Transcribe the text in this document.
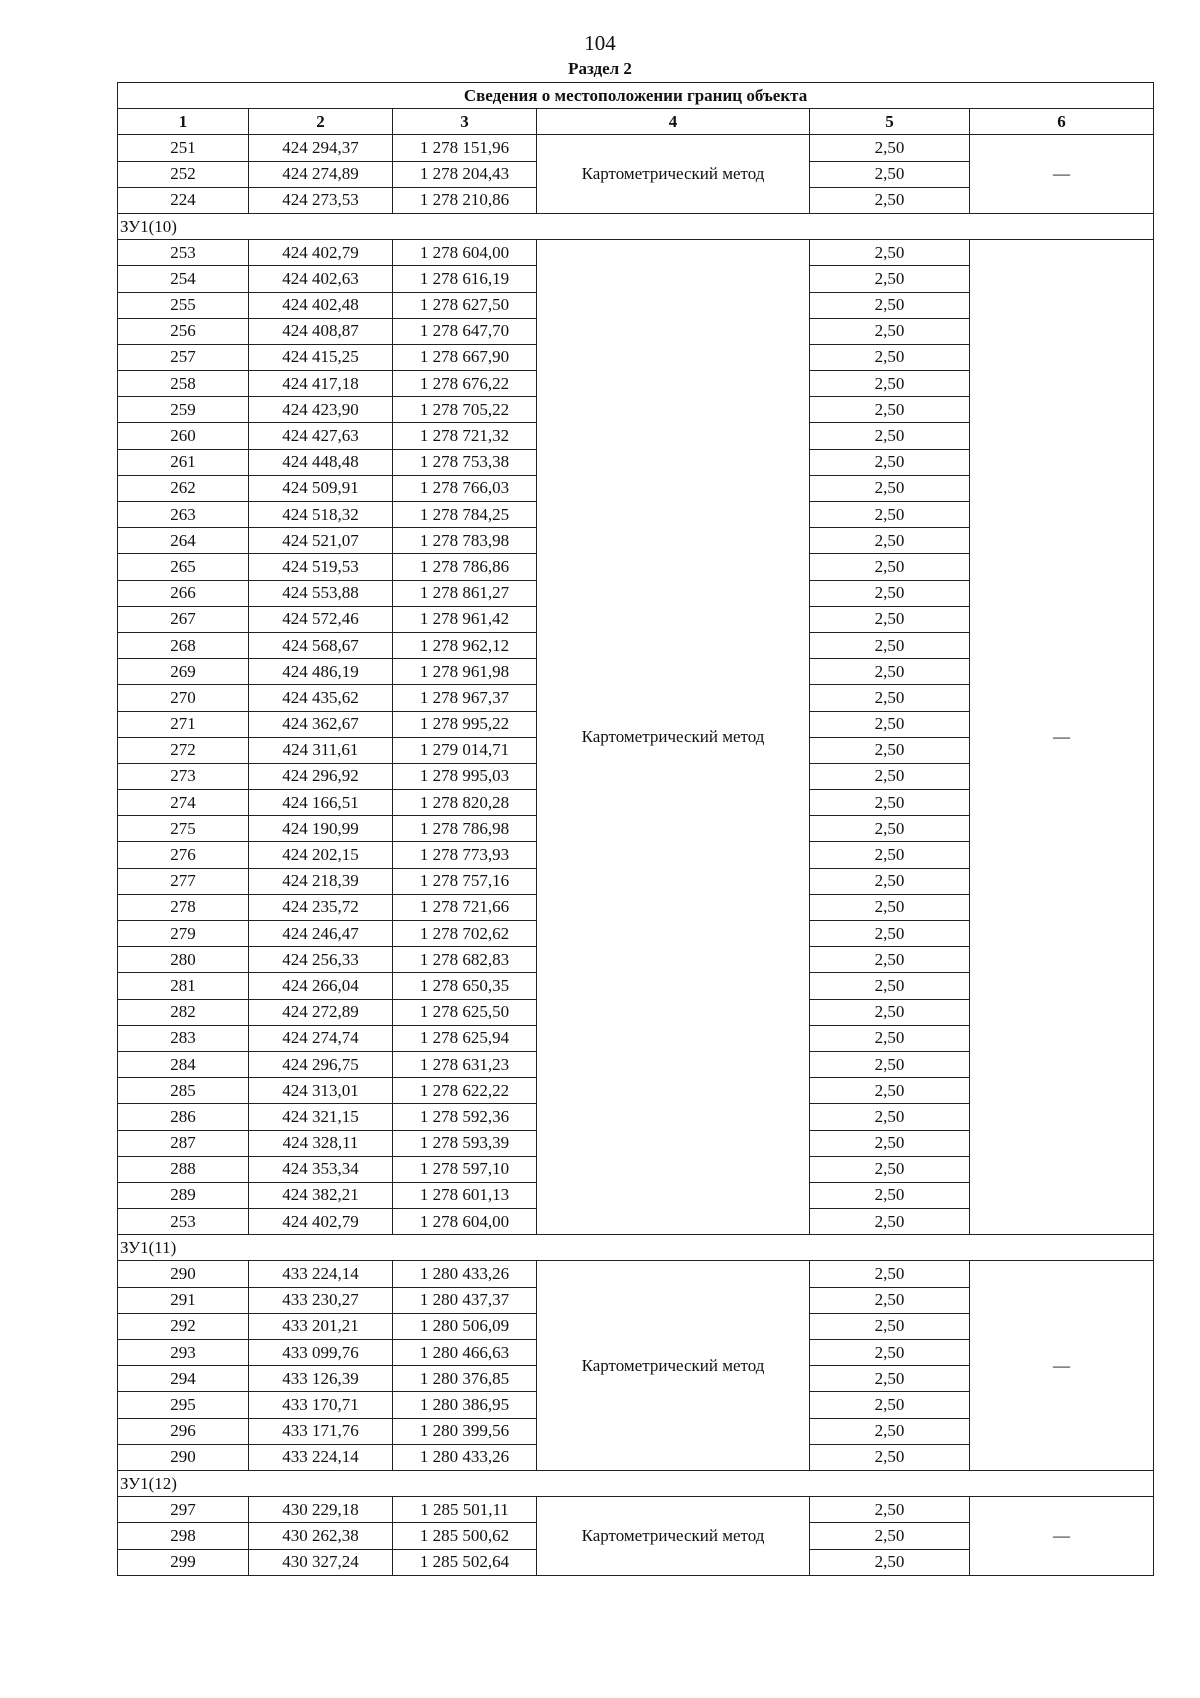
104
Раздел 2
Сведения о местоположении границ объекта					
1	2	3	4	5	6
251	424 294,37	1 278 151,96	Картометрический метод	2,50	—
252	424 274,89	1 278 204,43		2,50	
224	424 273,53	1 278 210,86		2,50	
ЗУ1(10)					
253	424 402,79	1 278 604,00	Картометрический метод	2,50	—
254	424 402,63	1 278 616,19		2,50	
255	424 402,48	1 278 627,50		2,50	
256	424 408,87	1 278 647,70		2,50	
257	424 415,25	1 278 667,90		2,50	
258	424 417,18	1 278 676,22		2,50	
259	424 423,90	1 278 705,22		2,50	
260	424 427,63	1 278 721,32		2,50	
261	424 448,48	1 278 753,38		2,50	
262	424 509,91	1 278 766,03		2,50	
263	424 518,32	1 278 784,25		2,50	
264	424 521,07	1 278 783,98		2,50	
265	424 519,53	1 278 786,86		2,50	
266	424 553,88	1 278 861,27		2,50	
267	424 572,46	1 278 961,42		2,50	
268	424 568,67	1 278 962,12		2,50	
269	424 486,19	1 278 961,98		2,50	
270	424 435,62	1 278 967,37		2,50	
271	424 362,67	1 278 995,22		2,50	
272	424 311,61	1 279 014,71		2,50	
273	424 296,92	1 278 995,03		2,50	
274	424 166,51	1 278 820,28		2,50	
275	424 190,99	1 278 786,98		2,50	
276	424 202,15	1 278 773,93		2,50	
277	424 218,39	1 278 757,16		2,50	
278	424 235,72	1 278 721,66		2,50	
279	424 246,47	1 278 702,62		2,50	
280	424 256,33	1 278 682,83		2,50	
281	424 266,04	1 278 650,35		2,50	
282	424 272,89	1 278 625,50		2,50	
283	424 274,74	1 278 625,94		2,50	
284	424 296,75	1 278 631,23		2,50	
285	424 313,01	1 278 622,22		2,50	
286	424 321,15	1 278 592,36		2,50	
287	424 328,11	1 278 593,39		2,50	
288	424 353,34	1 278 597,10		2,50	
289	424 382,21	1 278 601,13		2,50	
253	424 402,79	1 278 604,00		2,50	
ЗУ1(11)					
290	433 224,14	1 280 433,26	Картометрический метод	2,50	—
291	433 230,27	1 280 437,37		2,50	
292	433 201,21	1 280 506,09		2,50	
293	433 099,76	1 280 466,63		2,50	
294	433 126,39	1 280 376,85		2,50	
295	433 170,71	1 280 386,95		2,50	
296	433 171,76	1 280 399,56		2,50	
290	433 224,14	1 280 433,26		2,50	
ЗУ1(12)					
297	430 229,18	1 285 501,11	Картометрический метод	2,50	—
298	430 262,38	1 285 500,62		2,50	
299	430 327,24	1 285 502,64		2,50	
